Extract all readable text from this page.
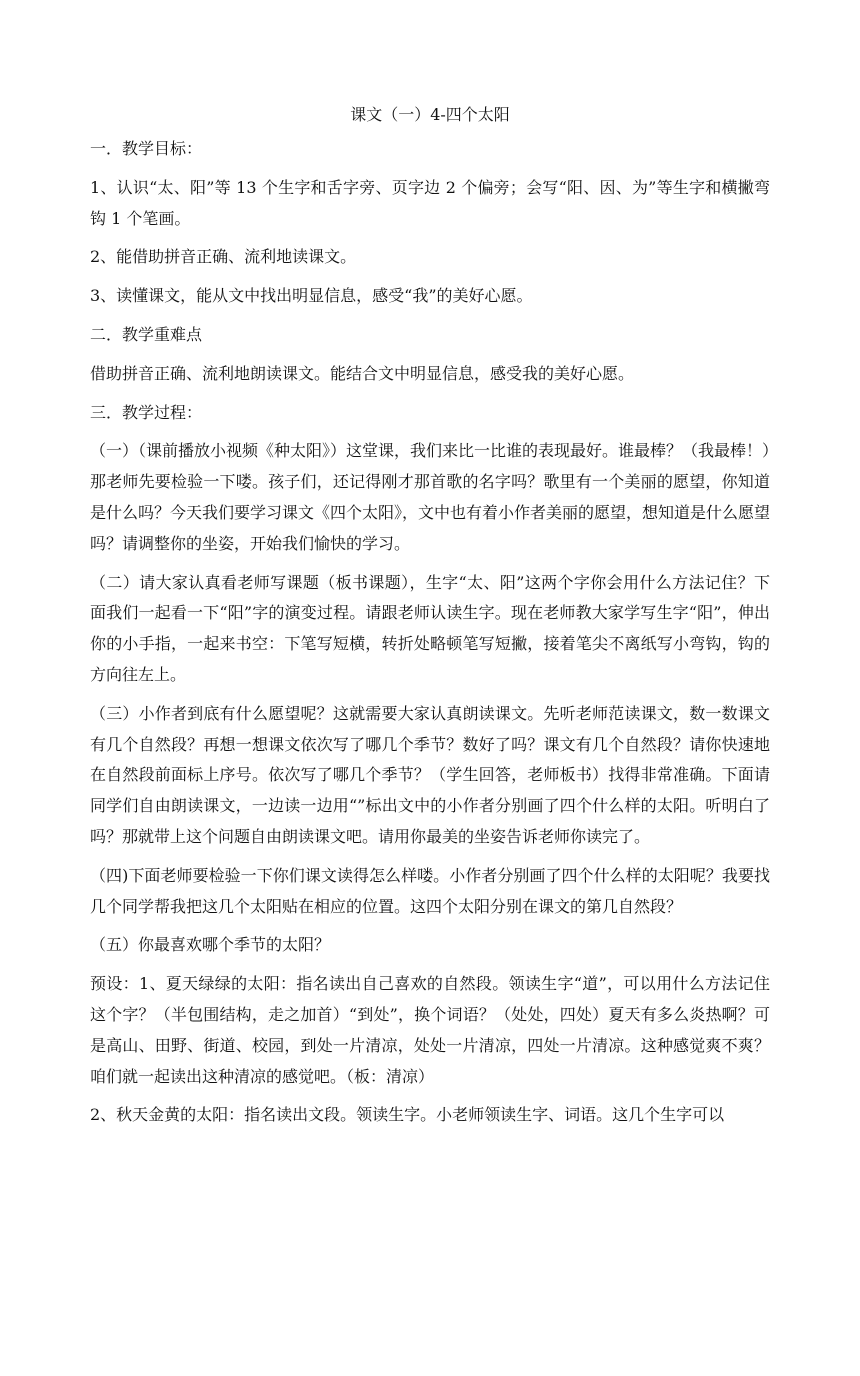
课文（一）4-四个太阳

一．教学目标：

1、认识“太、阳”等 13 个生字和舌字旁、页字边 2 个偏旁；会写“阳、因、为”等生字和横撇弯钩 1 个笔画。

2、能借助拼音正确、流利地读课文。

3、读懂课文，能从文中找出明显信息，感受“我”的美好心愿。

二．教学重难点

借助拼音正确、流利地朗读课文。能结合文中明显信息，感受我的美好心愿。

三．教学过程：

（一）（课前播放小视频《种太阳》）这堂课，我们来比一比谁的表现最好。谁最棒？（我最棒！）那老师先要检验一下喽。孩子们，还记得刚才那首歌的名字吗？歌里有一个美丽的愿望，你知道是什么吗？今天我们要学习课文《四个太阳》，文中也有着小作者美丽的愿望，想知道是什么愿望吗？请调整你的坐姿，开始我们愉快的学习。

（二）请大家认真看老师写课题（板书课题），生字“太、阳”这两个字你会用什么方法记住？下面我们一起看一下“阳”字的演变过程。请跟老师认读生字。现在老师教大家学写生字“阳”，伸出你的小手指，一起来书空：下笔写短横，转折处略顿笔写短撇，接着笔尖不离纸写小弯钩，钩的方向往左上。

（三）小作者到底有什么愿望呢？这就需要大家认真朗读课文。先听老师范读课文，数一数课文有几个自然段？再想一想课文依次写了哪几个季节？数好了吗？课文有几个自然段？请你快速地在自然段前面标上序号。依次写了哪几个季节？（学生回答，老师板书）找得非常准确。下面请同学们自由朗读课文，一边读一边用“”标出文中的小作者分别画了四个什么样的太阳。听明白了吗？那就带上这个问题自由朗读课文吧。请用你最美的坐姿告诉老师你读完了。

（四)下面老师要检验一下你们课文读得怎么样喽。小作者分别画了四个什么样的太阳呢？我要找几个同学帮我把这几个太阳贴在相应的位置。这四个太阳分别在课文的第几自然段？

（五）你最喜欢哪个季节的太阳？

预设：1、夏天绿绿的太阳：指名读出自己喜欢的自然段。领读生字“道”，可以用什么方法记住这个字？（半包围结构，走之加首）“到处”，换个词语？（处处，四处）夏天有多么炎热啊？可是高山、田野、街道、校园，到处一片清凉，处处一片清凉，四处一片清凉。这种感觉爽不爽？咱们就一起读出这种清凉的感觉吧。（板：清凉）

2、秋天金黄的太阳：指名读出文段。领读生字。小老师领读生字、词语。这几个生字可以
